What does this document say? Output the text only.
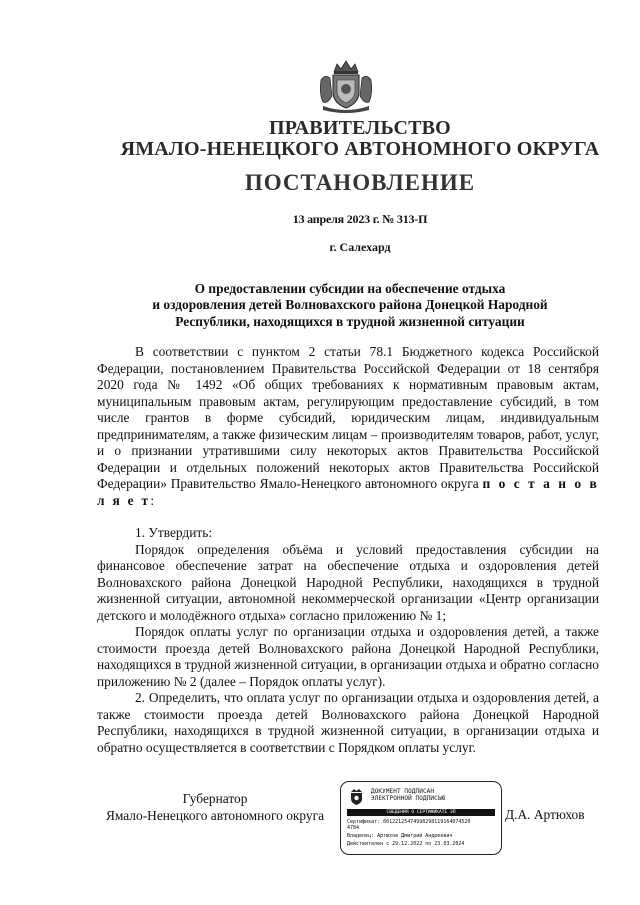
ПРАВИТЕЛЬСТВО
ЯМАЛО-НЕНЕЦКОГО АВТОНОМНОГО ОКРУГА
ПОСТАНОВЛЕНИЕ
13 апреля 2023 г. № 313-П
г. Салехард
О предоставлении субсидии на обеспечение отдыха
и оздоровления детей Волноваxского района Донецкой Народной
Республики, находящихся в трудной жизненной ситуации

В соответствии с пунктом 2 статьи 78.1 Бюджетного кодекса Российской Федерации, постановлением Правительства Российской Федерации от 18 сентября 2020 года № 1492 «Об общих требованиях к нормативным правовым актам, муниципальным правовым актам, регулирующим предоставление субсидий, в том числе грантов в форме субсидий, юридическим лицам, индивидуальным предпринимателям, а также физическим лицам – производителям товаров, работ, услуг, и о признании утратившими силу некоторых актов Правительства Российской Федерации и отдельных положений некоторых актов Правительства Российской Федерации» Правительство Ямало-Ненецкого автономного округа п о с т а н о в л я е т:

1. Утвердить:

Порядок определения объёма и условий предоставления субсидии на финансовое обеспечение затрат на обеспечение отдыха и оздоровления детей Волновахского района Донецкой Народной Республики, находящихся в трудной жизненной ситуации, автономной некоммерческой организации «Центр организации детского и молодёжного отдыха» согласно приложению № 1;

Порядок оплаты услуг по организации отдыха и оздоровления детей, а также стоимости проезда детей Волновахского района Донецкой Народной Республики, находящихся в трудной жизненной ситуации, в организации отдыха и обратно согласно приложению № 2 (далее – Порядок оплаты услуг).

2. Определить, что оплата услуг по организации отдыха и оздоровления детей, а также стоимости проезда детей Волновахского района Донецкой Народной Республики, находящихся в трудной жизненной ситуации, в организации отдыха и обратно осуществляется в соответствии с Порядком оплаты услуг.

Губернатор
Ямало-Ненецкого автономного округа
ДОКУМЕНТ ПОДПИСАН
ЭЛЕКТРОННОЙ ПОДПИСЬЮ
СВЕДЕНИЯ О СЕРТИФИКАТЕ ЭП
Сертификат: 60122125474998298119164074520
4784
Владелец: Артюхов Дмитрий Андреевич
Действителен с 29.12.2022 по 23.03.2024
Д.А. Артюхов
